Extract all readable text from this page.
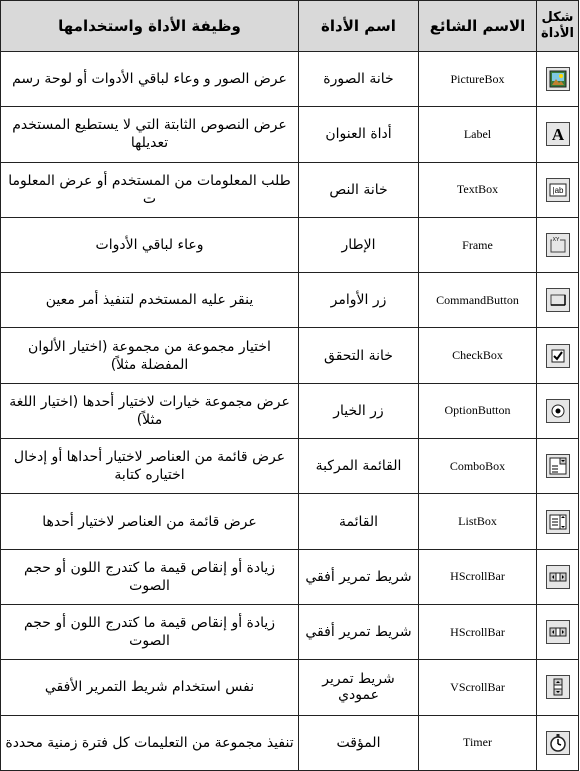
شكل الأداة	الاسم الشائع	اسم الأداة	وظيفة الأداة واستخدامها

	PictureBox	خانة الصورة	عرض الصور و وعاء لباقي الأدوات أو لوحة رسم

A	Label	أداة العنوان	عرض النصوص الثابتة التي لا يستطيع المستخدم تعديلها

ab|	TextBox	خانة النص	طلب المعلومات من المستخدم أو عرض المعلوما ت

XY	Frame	الإطار	وعاء لباقي الأدوات

	CommandButton	زر الأوامر	ينقر عليه المستخدم لتنفيذ أمر معين

	CheckBox	خانة التحقق	اختيار مجموعة من مجموعة (اختيار الألوان المفضلة مثلاً)

	OptionButton	زر الخيار	عرض مجموعة خيارات لاختيار أحدها (اختيار اللغة مثلاً)

	ComboBox	القائمة المركبة	عرض قائمة من العناصر لاختيار أحداها أو إدخال اختياره كتابة

	ListBox	القائمة	عرض قائمة من العناصر لاختيار أحدها

	HScrollBar	شريط تمرير أفقي	زيادة أو إنقاص قيمة ما كتدرج اللون أو حجم الصوت

	HScrollBar	شريط تمرير أفقي	زيادة أو إنقاص قيمة ما كتدرج اللون أو حجم الصوت

	VScrollBar	شريط تمرير عمودي	نفس استخدام شريط التمرير الأفقي

	Timer	المؤقت	تنفيذ مجموعة من التعليمات كل فترة زمنية محددة
